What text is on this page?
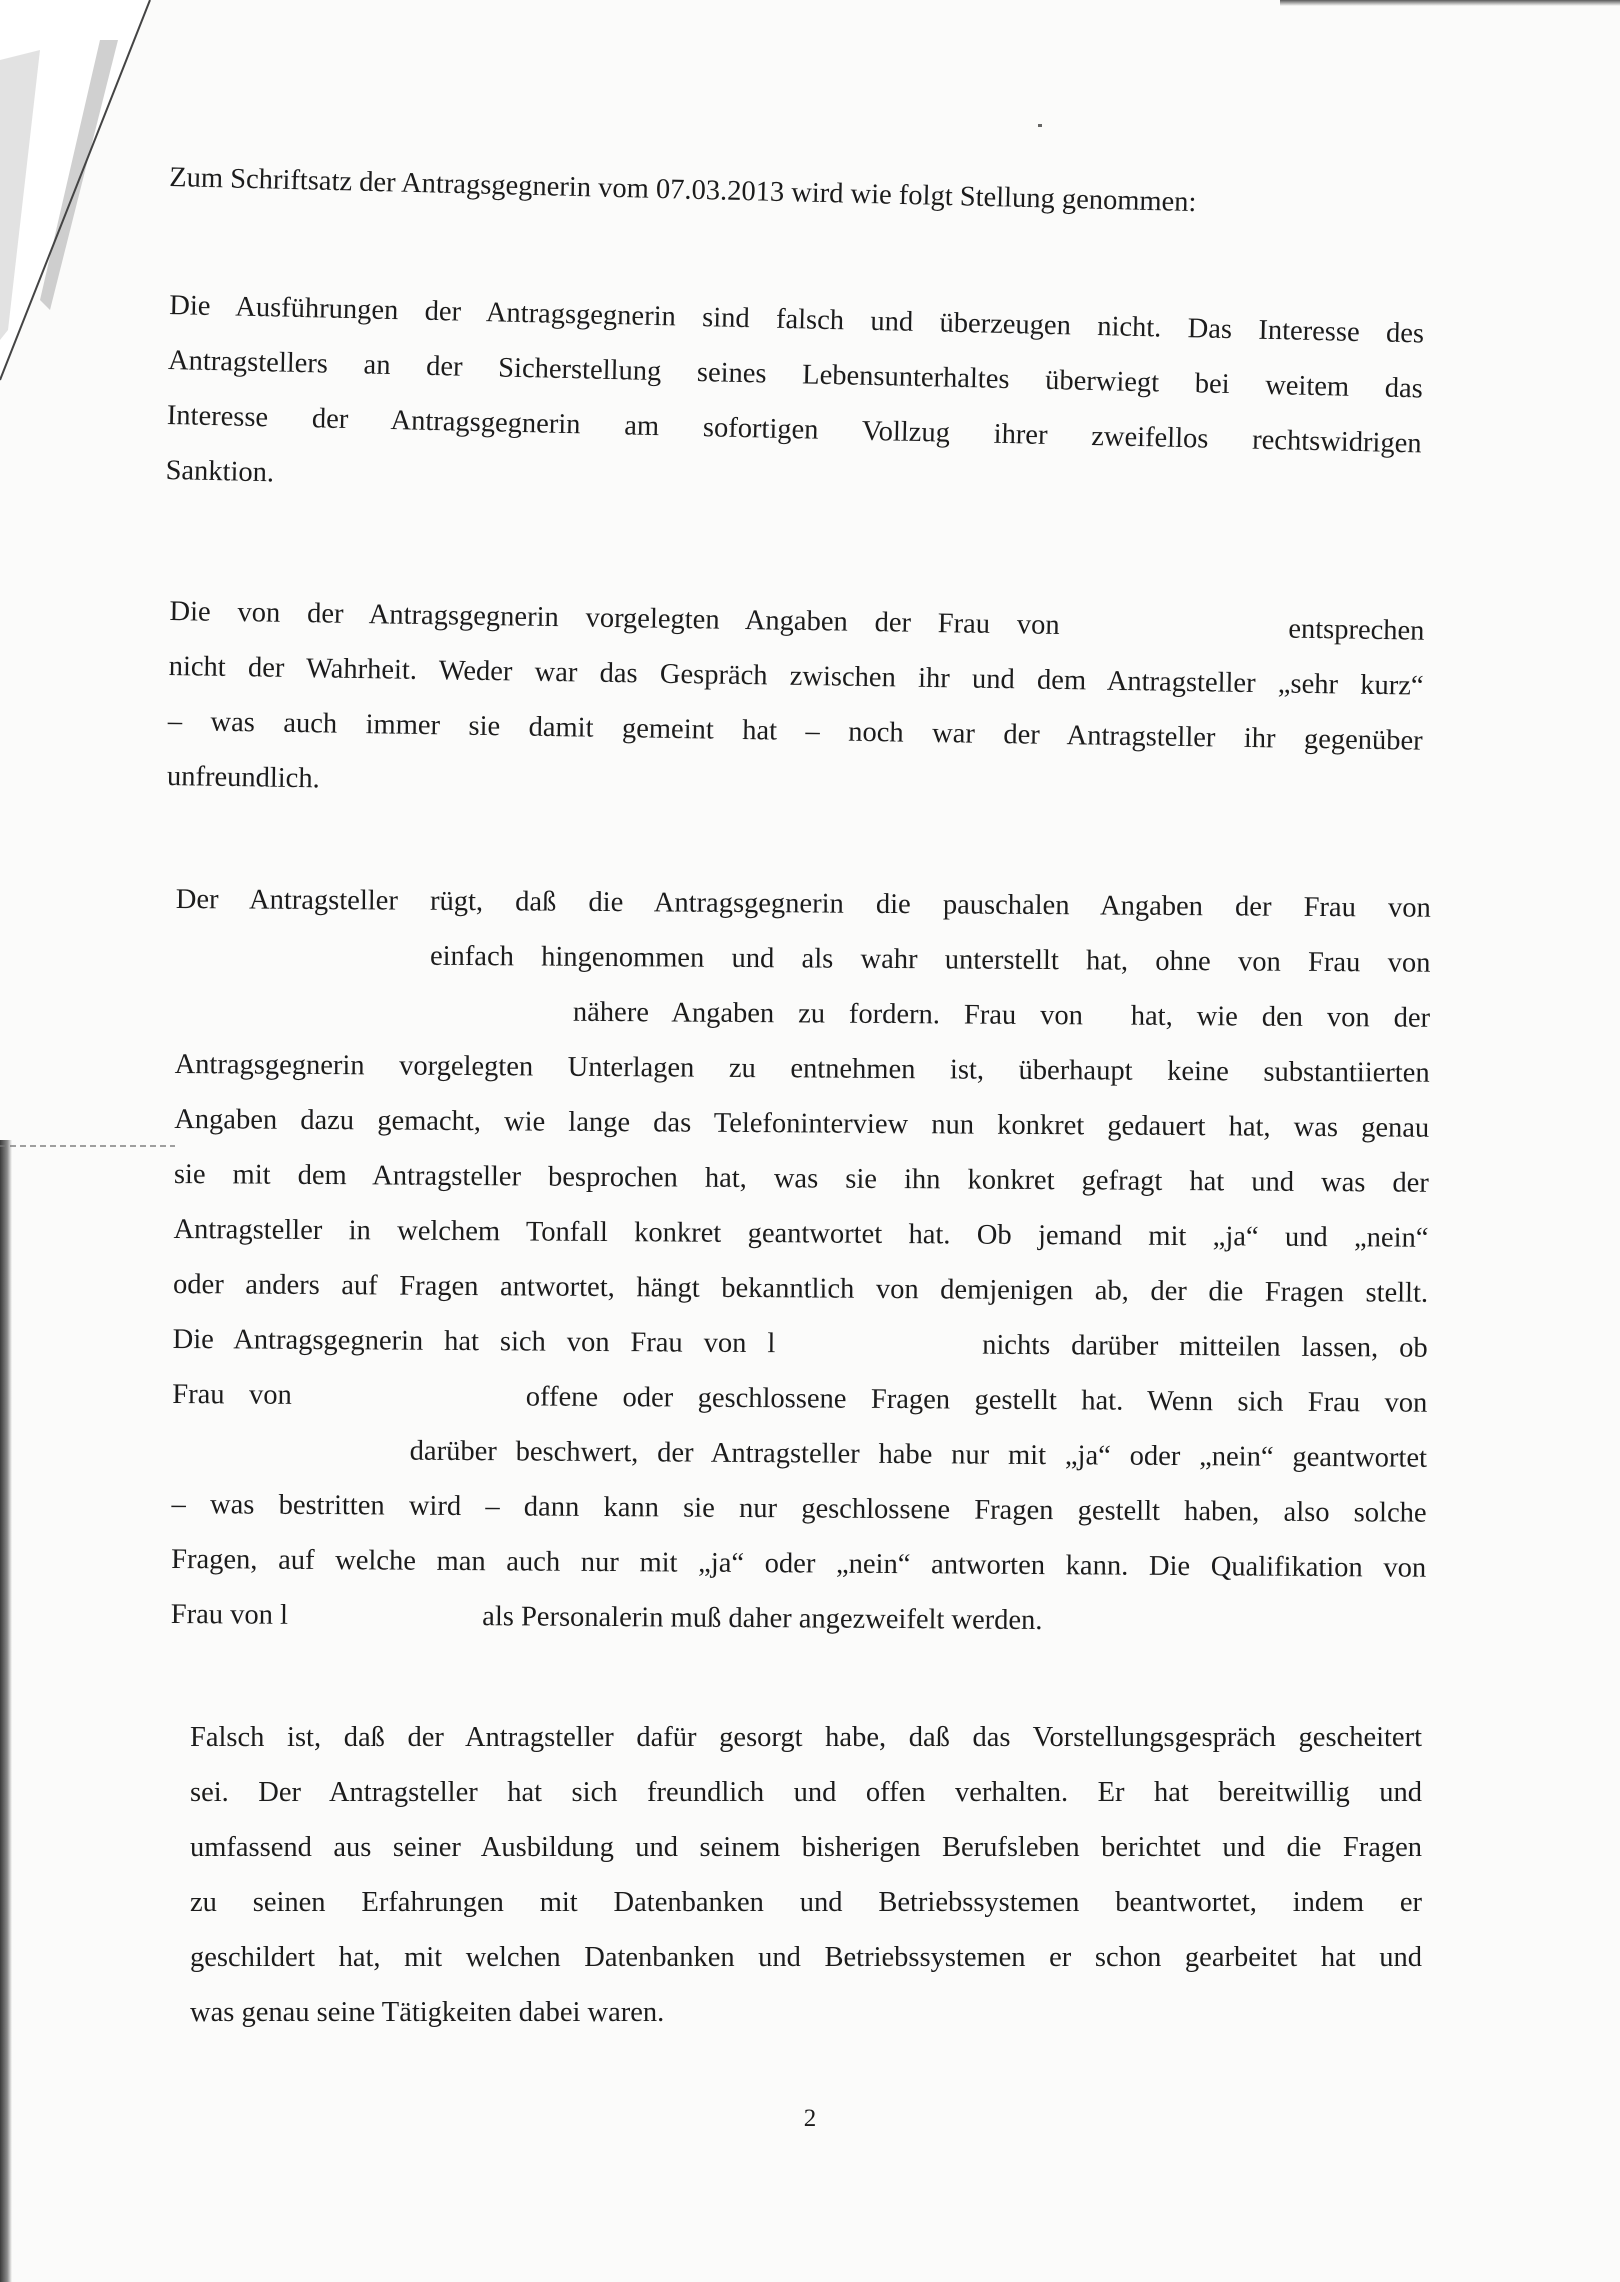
Zum Schriftsatz der Antragsgegnerin vom 07.03.2013 wird wie folgt Stellung genommen:
Die Ausführungen der Antragsgegnerin sind falsch und überzeugen nicht. Das Interesse des
Antragstellers an der Sicherstellung seines Lebensunterhaltes überwiegt bei weitem das
Interesse der Antragsgegnerin am sofortigen Vollzug ihrer zweifellos rechtswidrigen
Sanktion.
Die von der Antragsgegnerin vorgelegten Angaben der Frau von	entsprechen
nicht der Wahrheit. Weder war das Gespräch zwischen ihr und dem Antragsteller „sehr kurz“
– was auch immer sie damit gemeint hat – noch war der Antragsteller ihr gegenüber
unfreundlich.
Der Antragsteller rügt, daß die Antragsgegnerin die pauschalen Angaben der Frau von
einfach hingenommen und als wahr unterstellt hat, ohne von Frau von
nähere Angaben zu fordern. Frau von hat, wie den von der
Antragsgegnerin vorgelegten Unterlagen zu entnehmen ist, überhaupt keine substantiierten
Angaben dazu gemacht, wie lange das Telefoninterview nun konkret gedauert hat, was genau
sie mit dem Antragsteller besprochen hat, was sie ihn konkret gefragt hat und was der
Antragsteller in welchem Tonfall konkret geantwortet hat. Ob jemand mit „ja“ und „nein“
oder anders auf Fragen antwortet, hängt bekanntlich von demjenigen ab, der die Fragen stellt.
Die Antragsgegnerin hat sich von Frau von l	nichts darüber mitteilen lassen, ob
Frau von	offene oder geschlossene Fragen gestellt hat. Wenn sich Frau von
darüber beschwert, der Antragsteller habe nur mit „ja“ oder „nein“ geantwortet
– was bestritten wird – dann kann sie nur geschlossene Fragen gestellt haben, also solche
Fragen, auf welche man auch nur mit „ja“ oder „nein“ antworten kann. Die Qualifikation von
Frau von l	als Personalerin muß daher angezweifelt werden.
Falsch ist, daß der Antragsteller dafür gesorgt habe, daß das Vorstellungsgespräch gescheitert
sei. Der Antragsteller hat sich freundlich und offen verhalten. Er hat bereitwillig und
umfassend aus seiner Ausbildung und seinem bisherigen Berufsleben berichtet und die Fragen
zu seinen Erfahrungen mit Datenbanken und Betriebssystemen beantwortet, indem er
geschildert hat, mit welchen Datenbanken und Betriebssystemen er schon gearbeitet hat und
was genau seine Tätigkeiten dabei waren.
2
